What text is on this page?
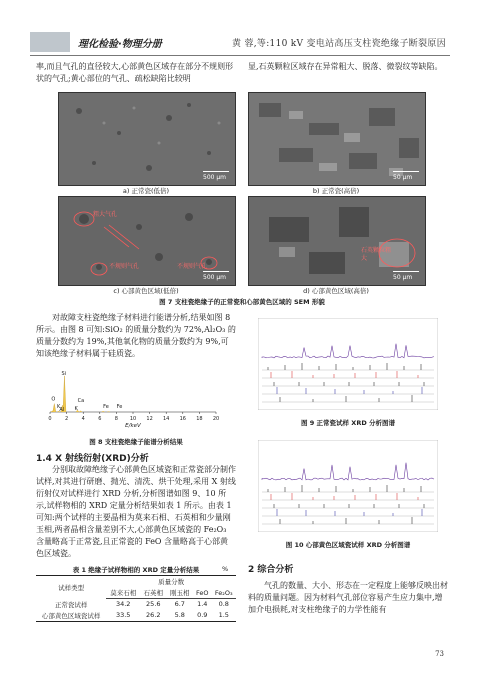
理化检验·物理分册	黄 蓉,等:110 kV 变电站高压支柱瓷绝缘子断裂原因
率,而且气孔的直径较大,心部黄色区域存在部分不规则形状的气孔;黄心部位的气孔、疏松缺陷比较明
显,石英颗粒区域存在异常粗大、脱落、微裂纹等缺陷。
500 μm
a) 正常瓷(低倍)
50 μm
b) 正常瓷(高倍)
粗大气孔
不规则气孔	不规则气孔
500 μm
c) 心部黄色区域(低倍)
石英颗粒粗
大
50 μm
d) 心部黄色区域(高倍)
图 7 支柱瓷绝缘子的正常瓷和心部黄色区域的 SEM 形貌
对故障支柱瓷绝缘子材料进行能谱分析,结果如图 8 所示。由图 8 可知:SiO₂ 的质量分数约为 72%,Al₂O₃ 的质量分数约为 19%,其他氧化物的质量分数约为 9%,可知该绝缘子材料属于硅质瓷。
0	2	4	6	8 10 12 14 16 18 20
E/keV
Si
O
Al K
Ca
K	Fe Fe
图 8 支柱瓷绝缘子能谱分析结果
图 9 正常瓷试样 XRD 分析图谱
图 10 心部黄色区域瓷试样 XRD 分析图谱
1.4 X 射线衍射(XRD)分析
分别取故障绝缘子心部黄色区域瓷和正常瓷部分制作试样,对其进行研磨、抛光、清洗、烘干处理,采用 X 射线衍射仪对试样进行 XRD 分析,分析图谱如图 9、10 所示,试样物相的 XRD 定量分析结果如表 1 所示。由表 1 可知:两个试样的主要晶相为莫来石相、石英相和少量刚玉相,两者晶相含量差别不大,心部黄色区域瓷的 Fe₂O₃ 含量略高于正常瓷,且正常瓷的 FeO 含量略高于心部黄色区域瓷。
表 1 绝缘子试样物相的 XRD 定量分析结果	%
试样类型	质量分数				
	莫来石相	石英相	刚玉相	FeO	Fe₂O₃
正常瓷试样	34.2	25.6	6.7	1.4	0.8
心部黄色区域瓷试样	33.5	26.2	5.8	0.9	1.5
2 综合分析
气孔的数量、大小、形态在一定程度上能够反映出材料的质量问题。因为材料气孔部位容易产生应力集中,增加介电损耗,对支柱绝缘子的力学性能有
73
